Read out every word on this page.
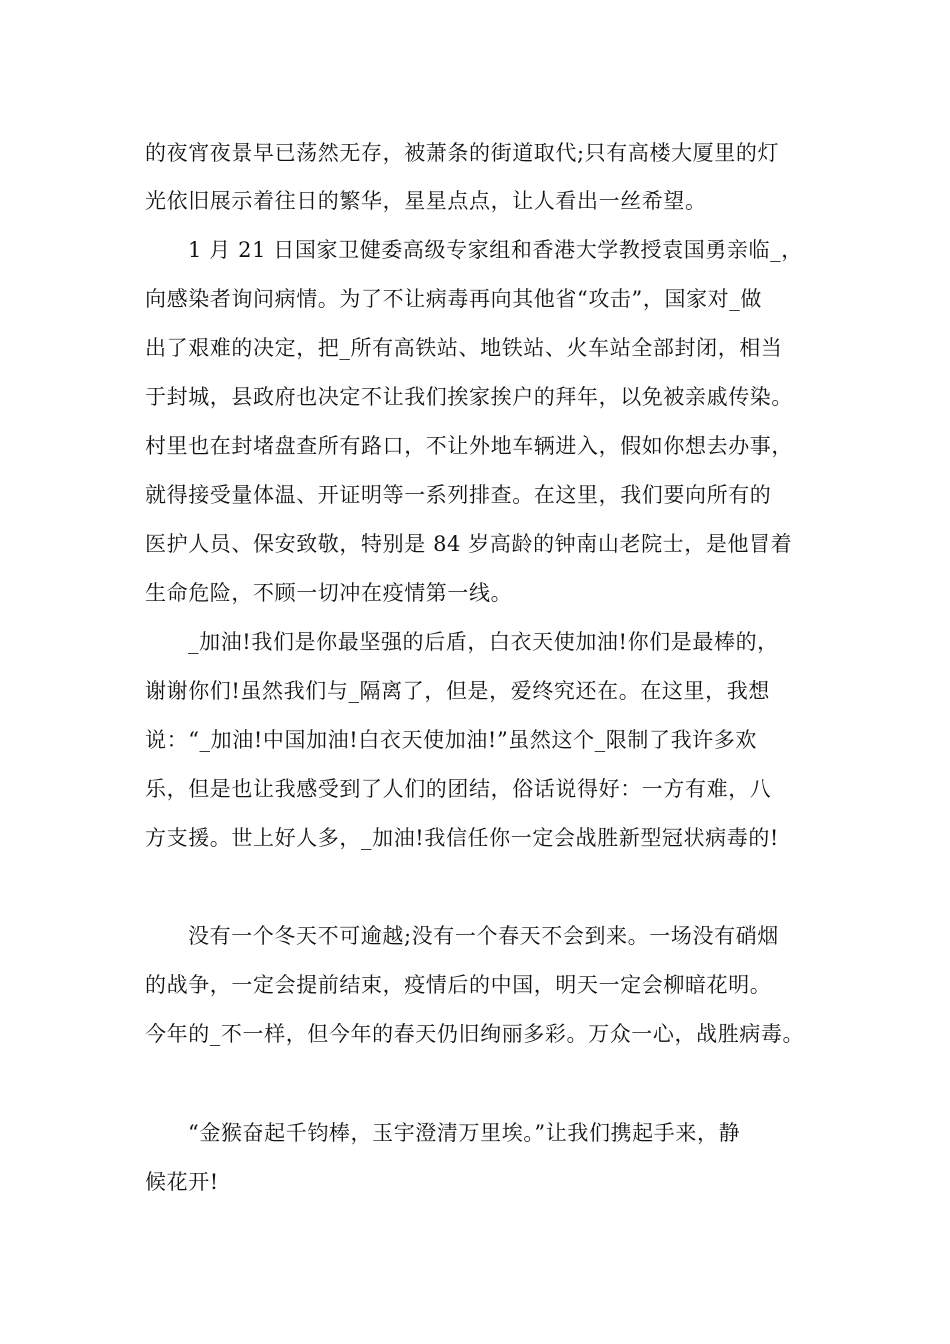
的夜宵夜景早已荡然无存，被萧条的街道取代;只有高楼大厦里的灯
光依旧展示着往日的繁华，星星点点，让人看出一丝希望。
1 月 21 日国家卫健委高级专家组和香港大学教授袁国勇亲临_，
向感染者询问病情。为了不让病毒再向其他省“攻击”，国家对_做
出了艰难的决定，把_所有高铁站、地铁站、火车站全部封闭，相当
于封城，县政府也决定不让我们挨家挨户的拜年，以免被亲戚传染。
村里也在封堵盘查所有路口，不让外地车辆进入，假如你想去办事，
就得接受量体温、开证明等一系列排查。在这里，我们要向所有的
医护人员、保安致敬，特别是 84 岁高龄的钟南山老院士，是他冒着
生命危险，不顾一切冲在疫情第一线。
_加油!我们是你最坚强的后盾，白衣天使加油!你们是最棒的，
谢谢你们!虽然我们与_隔离了，但是，爱终究还在。在这里，我想
说：“_加油!中国加油!白衣天使加油!”虽然这个_限制了我许多欢
乐，但是也让我感受到了人们的团结，俗话说得好：一方有难，八
方支援。世上好人多，_加油!我信任你一定会战胜新型冠状病毒的!
没有一个冬天不可逾越;没有一个春天不会到来。一场没有硝烟
的战争，一定会提前结束，疫情后的中国，明天一定会柳暗花明。
今年的_不一样，但今年的春天仍旧绚丽多彩。万众一心，战胜病毒。
“金猴奋起千钧棒，玉宇澄清万里埃。”让我们携起手来，静
候花开!
